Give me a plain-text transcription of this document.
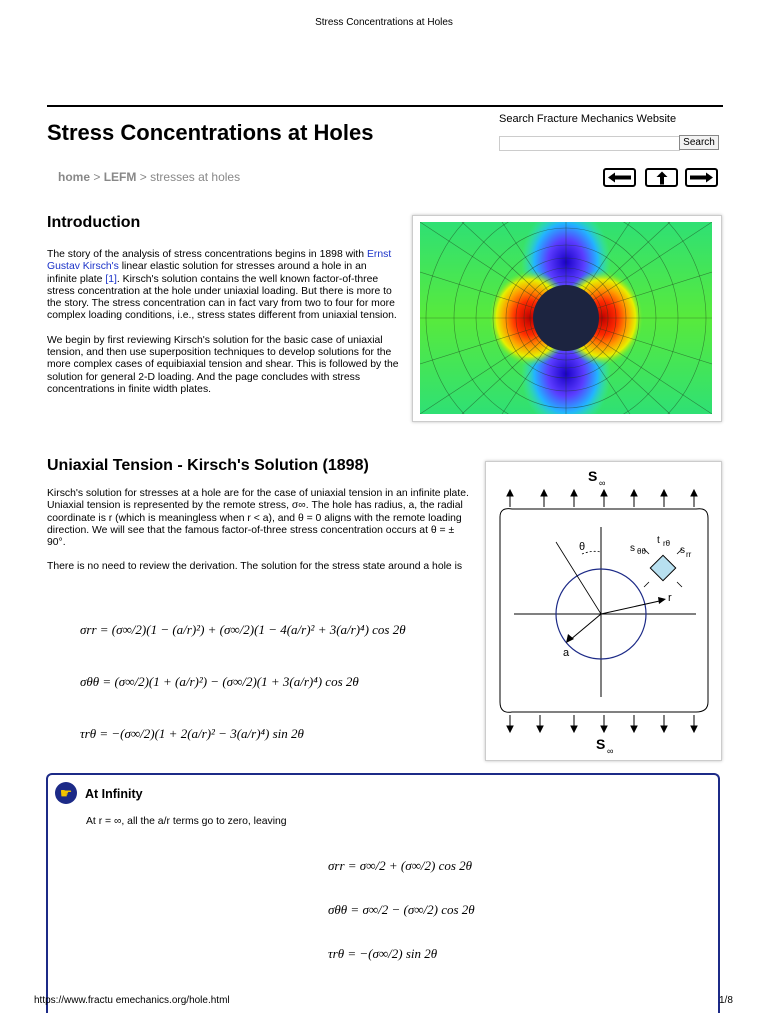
Stress Concentrations at Holes
Stress Concentrations at Holes
Search Fracture Mechanics Website
Search
home > LEFM > stresses at holes
Introduction

The story of the analysis of stress concentrations begins in 1898 with Ernst Gustav Kirsch's linear elastic solution for stresses around a hole in an infinite plate [1]. Kirsch's solution contains the well known factor-of-three stress concentration at the hole under uniaxial loading. But there is more to the story. The stress concentration can in fact vary from two to four for more complex loading conditions, i.e., stress states different from uniaxial tension.

We begin by first reviewing Kirsch's solution for the basic case of uniaxial tension, and then use superposition techniques to develop solutions for the more complex cases of equibiaxial tension and shear. This is followed by the solution for general 2-D loading. And the page concludes with stress concentrations in finite width plates.

Uniaxial Tension - Kirsch's Solution (1898)

Kirsch's solution for stresses at a hole are for the case of uniaxial tension in an infinite plate. Uniaxial tension is represented by the remote stress, σ∞. The hole has radius, a, the radial coordinate is r (which is meaningless when r < a), and θ = 0 aligns with the remote loading direction. We will see that the famous factor-of-three stress concentration occurs at θ = ± 90°.

There is no need to review the derivation. The solution for the stress state around a hole is

σrr = (σ∞/2)(1 − (a/r)²) + (σ∞/2)(1 − 4(a/r)² + 3(a/r)⁴) cos 2θ
σθθ = (σ∞/2)(1 + (a/r)²) − (σ∞/2)(1 + 3(a/r)⁴) cos 2θ
τrθ = −(σ∞/2)(1 + 2(a/r)² − 3(a/r)⁴) sin 2θ
S ∞
S ∞
θ
r
a
s θθ
t rθ
s rr
☛	At Infinity
At r = ∞, all the a/r terms go to zero, leaving
σrr = σ∞/2 + (σ∞/2) cos 2θ
σθθ = σ∞/2 − (σ∞/2) cos 2θ
τrθ = −(σ∞/2) sin 2θ
https://www.fractu emechanics.org/hole.html	1/8
